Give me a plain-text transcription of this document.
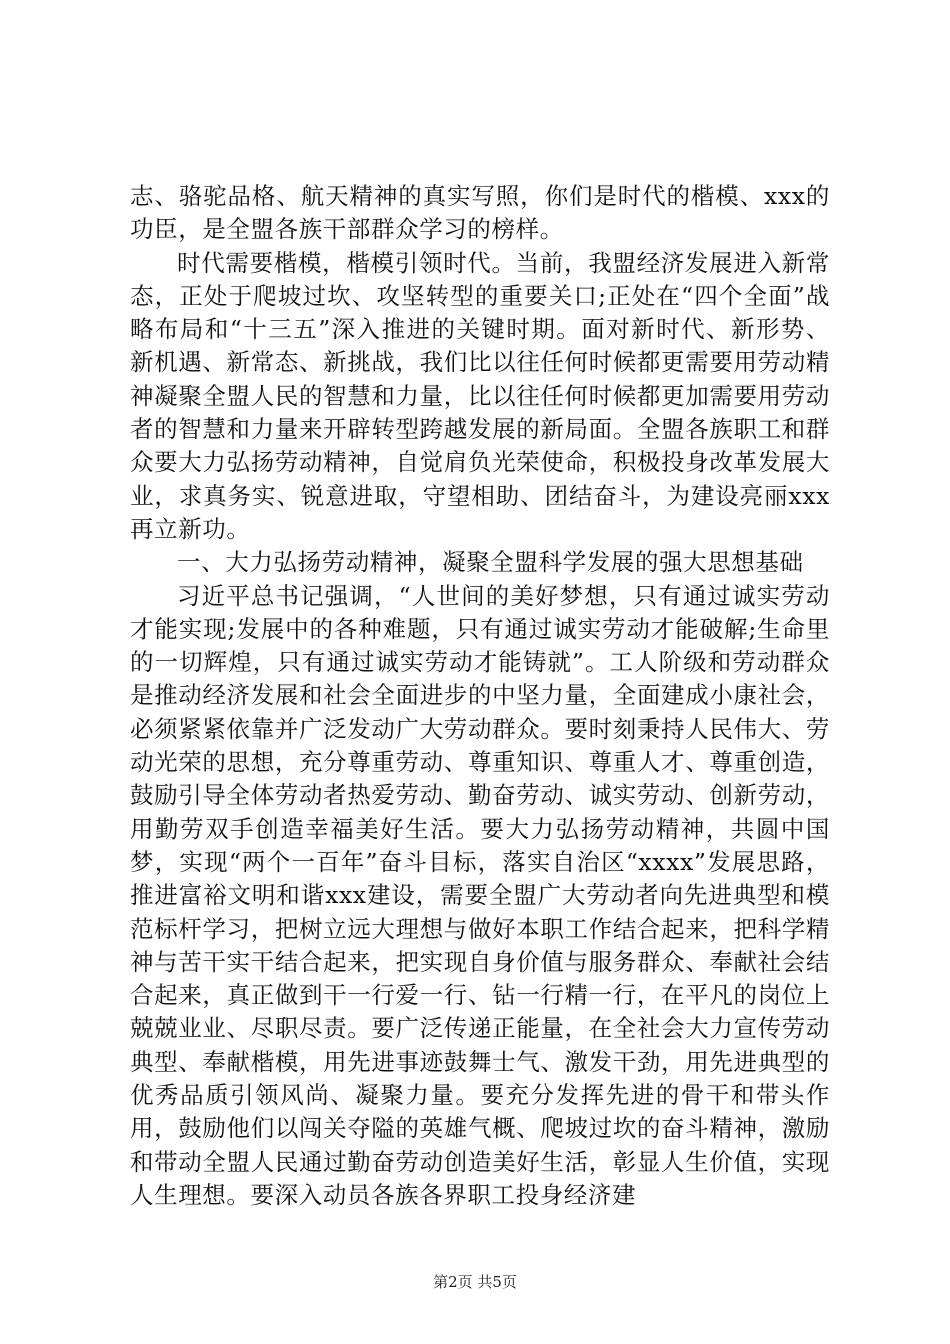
志、骆驼品格、航天精神的真实写照，你们是时代的楷模、xxx的功臣，是全盟各族干部群众学习的榜样。

时代需要楷模，楷模引领时代。当前，我盟经济发展进入新常态，正处于爬坡过坎、攻坚转型的重要关口;正处在“四个全面”战略布局和“十三五”深入推进的关键时期。面对新时代、新形势、新机遇、新常态、新挑战，我们比以往任何时候都更需要用劳动精神凝聚全盟人民的智慧和力量，比以往任何时候都更加需要用劳动者的智慧和力量来开辟转型跨越发展的新局面。全盟各族职工和群众要大力弘扬劳动精神，自觉肩负光荣使命，积极投身改革发展大业，求真务实、锐意进取，守望相助、团结奋斗，为建设亮丽xxx再立新功。

一、大力弘扬劳动精神，凝聚全盟科学发展的强大思想基础

习近平总书记强调，“人世间的美好梦想，只有通过诚实劳动才能实现;发展中的各种难题，只有通过诚实劳动才能破解;生命里的一切辉煌，只有通过诚实劳动才能铸就”。工人阶级和劳动群众是推动经济发展和社会全面进步的中坚力量，全面建成小康社会，必须紧紧依靠并广泛发动广大劳动群众。要时刻秉持人民伟大、劳动光荣的思想，充分尊重劳动、尊重知识、尊重人才、尊重创造，鼓励引导全体劳动者热爱劳动、勤奋劳动、诚实劳动、创新劳动，用勤劳双手创造幸福美好生活。要大力弘扬劳动精神，共圆中国梦，实现“两个一百年”奋斗目标，落实自治区“xxxx”发展思路，推进富裕文明和谐xxx建设，需要全盟广大劳动者向先进典型和模范标杆学习，把树立远大理想与做好本职工作结合起来，把科学精神与苦干实干结合起来，把实现自身价值与服务群众、奉献社会结合起来，真正做到干一行爱一行、钻一行精一行，在平凡的岗位上兢兢业业、尽职尽责。要广泛传递正能量，在全社会大力宣传劳动典型、奉献楷模，用先进事迹鼓舞士气、激发干劲，用先进典型的优秀品质引领风尚、凝聚力量。要充分发挥先进的骨干和带头作用，鼓励他们以闯关夺隘的英雄气概、爬坡过坎的奋斗精神，激励和带动全盟人民通过勤奋劳动创造美好生活，彰显人生价值，实现人生理想。要深入动员各族各界职工投身经济建

第2页 共5页
